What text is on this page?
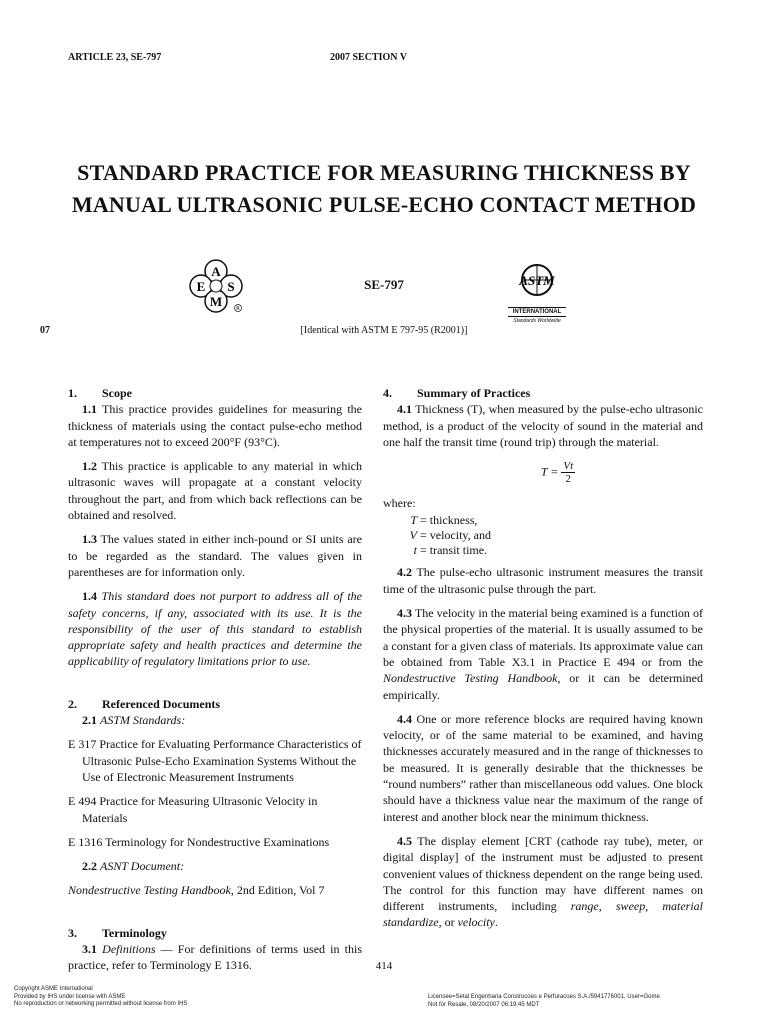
ARTICLE 23, SE-797	2007 SECTION V
STANDARD PRACTICE FOR MEASURING THICKNESS BY MANUAL ULTRASONIC PULSE-ECHO CONTACT METHOD
A
E S
M	R
SE-797	ASTM
INTERNATIONAL
Standards Worldwide
07	[Identical with ASTM E 797-95 (R2001)]

1. Scope

1.1 This practice provides guidelines for measuring the thickness of materials using the contact pulse-echo method at temperatures not to exceed 200°F (93°C).

1.2 This practice is applicable to any material in which ultrasonic waves will propagate at a constant velocity throughout the part, and from which back reflections can be obtained and resolved.

1.3 The values stated in either inch-pound or SI units are to be regarded as the standard. The values given in parentheses are for information only.

1.4 This standard does not purport to address all of the safety concerns, if any, associated with its use. It is the responsibility of the user of this standard to establish appropriate safety and health practices and determine the applicability of regulatory limitations prior to use.

2. Referenced Documents

2.1 ASTM Standards:

E 317 Practice for Evaluating Performance Characteristics of Ultrasonic Pulse-Echo Examination Systems Without the Use of Electronic Measurement Instruments

E 494 Practice for Measuring Ultrasonic Velocity in Materials

E 1316 Terminology for Nondestructive Examinations

2.2 ASNT Document:

Nondestructive Testing Handbook, 2nd Edition, Vol 7

3. Terminology

3.1 Definitions — For definitions of terms used in this practice, refer to Terminology E 1316.

4. Summary of Practices

4.1 Thickness (T), when measured by the pulse-echo ultrasonic method, is a product of the velocity of sound in the material and one half the transit time (round trip) through the material.

$T = \frac{Vt}{2}$

where:

T = thickness,
V = velocity, and
t = transit time.

4.2 The pulse-echo ultrasonic instrument measures the transit time of the ultrasonic pulse through the part.

4.3 The velocity in the material being examined is a function of the physical properties of the material. It is usually assumed to be a constant for a given class of materials. Its approximate value can be obtained from Table X3.1 in Practice E 494 or from the Nondestructive Testing Handbook, or it can be determined empirically.

4.4 One or more reference blocks are required having known velocity, or of the same material to be examined, and having thicknesses accurately measured and in the range of thicknesses to be measured. It is generally desirable that the thicknesses be “round numbers” rather than miscellaneous odd values. One block should have a thickness value near the maximum of the range of interest and another block near the minimum thickness.

4.5 The display element [CRT (cathode ray tube), meter, or digital display] of the instrument must be adjusted to present convenient values of thickness dependent on the range being used. The control for this function may have different names on different instruments, including range, sweep, material standardize, or velocity.

414
Copyright ASME International
Provided by IHS under license with ASME
No reproduction or networking permitted without license from IHS
Licensee=Setal Engenharia Construcoes e Perfuracoes S.A./5941776001, User=Gome
Not for Resale, 08/20/2007 06:19:45 MDT
